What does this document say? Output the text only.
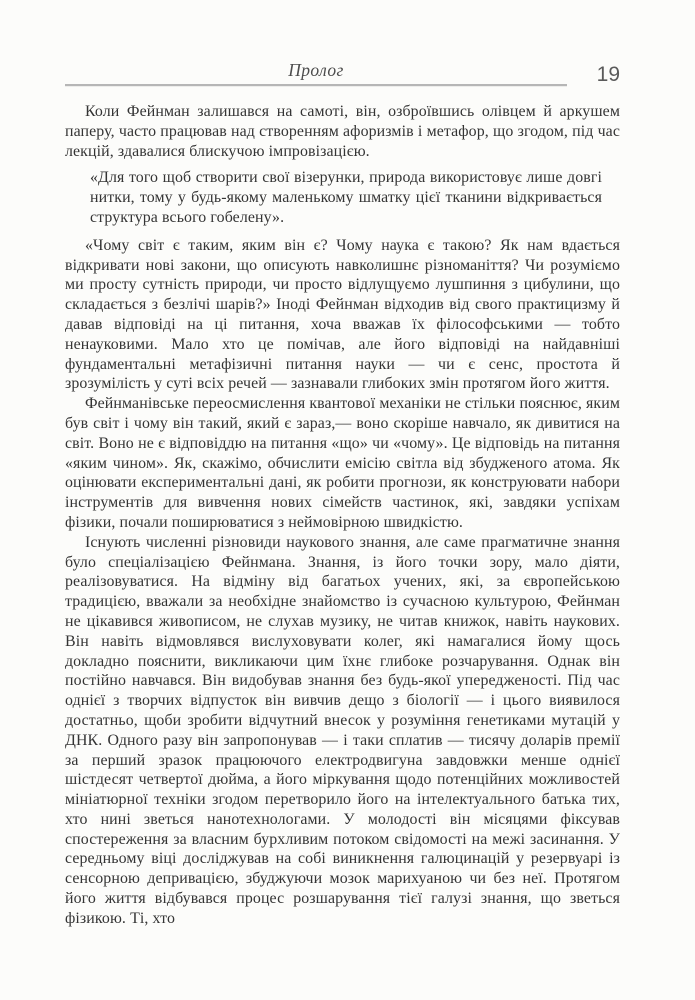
Пролог	19

Коли Фейнман залишався на самоті, він, озброївшись олівцем й аркушем паперу, часто працював над створенням афоризмів і метафор, що згодом, під час лекцій, здавалися блискучою імпровізацією.

«Для того щоб створити свої візерунки, природа використовує лише довгі нитки, тому у будь-якому маленькому шматку цієї тканини відкривається структура всього гобелену».

«Чому світ є таким, яким він є? Чому наука є такою? Як нам вдається відкривати нові закони, що описують навколишнє різноманіття? Чи розуміємо ми просту сутність природи, чи просто відлущуємо лушпиння з цибулини, що складається з безлічі шарів?» Іноді Фейнман відходив від свого практицизму й давав відповіді на ці питання, хоча вважав їх філософськими — тобто ненауковими. Мало хто це помічав, але його відповіді на найдавніші фундаментальні метафізичні питання науки — чи є сенс, простота й зрозумілість у суті всіх речей — зазнавали глибоких змін протягом його життя.

Фейнманівське переосмислення квантової механіки не стільки пояснює, яким був світ і чому він такий, який є зараз,— воно скоріше навчало, як дивитися на світ. Воно не є відповіддю на питання «що» чи «чому». Це відповідь на питання «яким чином». Як, скажімо, обчислити емісію світла від збудженого атома. Як оцінювати експериментальні дані, як робити прогнози, як конструювати набори інструментів для вивчення нових сімейств частинок, які, завдяки успіхам фізики, почали поширюватися з неймовірною швидкістю.

Існують численні різновиди наукового знання, але саме прагматичне знання було спеціалізацією Фейнмана. Знання, із його точки зору, мало діяти, реалізовуватися. На відміну від багатьох учених, які, за європейською традицією, вважали за необхідне знайомство із сучасною культурою, Фейнман не цікавився живописом, не слухав музику, не читав книжок, навіть наукових. Він навіть відмовлявся вислуховувати колег, які намагалися йому щось докладно пояснити, викликаючи цим їхнє глибоке розчарування. Однак він постійно навчався. Він видобував знання без будь-якої упередженості. Під час однієї з творчих відпусток він вивчив дещо з біології — і цього виявилося достатньо, щоби зробити відчутний внесок у розуміння генетиками мутацій у ДНК. Одного разу він запропонував — і таки сплатив — тисячу доларів премії за перший зразок працюючого електродвигуна завдовжки менше однієї шістдесят четвертої дюйма, а його міркування щодо потенційних можливостей мініатюрної техніки згодом перетворило його на інтелектуального батька тих, хто нині зветься нанотехнологами. У молодості він місяцями фіксував спостереження за власним бурхливим потоком свідомості на межі засинання. У середньому віці досліджував на собі виникнення галюцинацій у резервуарі із сенсорною депривацією, збуджуючи мозок марихуаною чи без неї. Протягом його життя відбувався процес розшарування тієї галузі знання, що зветься фізикою. Ті, хто
